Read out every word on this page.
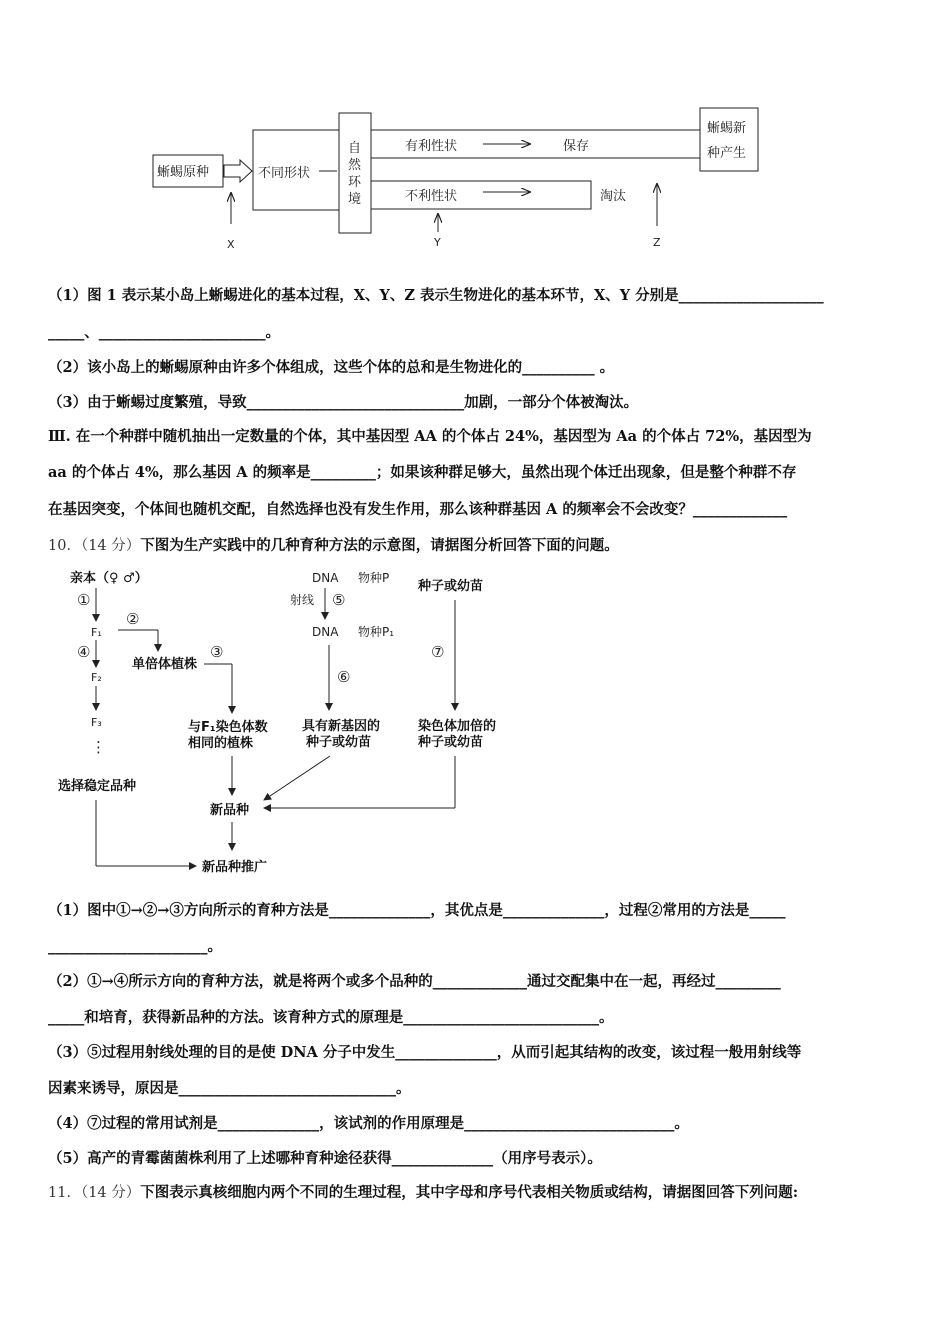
蜥蜴原种	不同形状
自
然
环
境
有利性状	保存
不利性状	淘汰
蜥蜴新
种产生
X	Y	Z
（1）图 1 表示某小岛上蜥蜴进化的基本过程，X、Y、Z 表示生物进化的基本环节，X、Y 分别是____________________
_____、_______________________。
（2）该小岛上的蜥蜴原种由许多个体组成，这些个体的总和是生物进化的__________ 。
（3）由于蜥蜴过度繁殖，导致______________________________加剧，一部分个体被淘汰。
Ⅲ. 在一个种群中随机抽出一定数量的个体，其中基因型 AA 的个体占 24%，基因型为 Aa 的个体占 72%，基因型为
aa 的个体占 4%，那么基因 A 的频率是_________；如果该种群足够大，虽然出现个体迁出现象，但是整个种群不存
在基因突变，个体间也随机交配，自然选择也没有发生作用，那么该种群基因 A 的频率会不会改变？_____________
10．（14 分）下图为生产实践中的几种育种方法的示意图，请据图分析回答下面的问题。
亲本（♀ ♂）
①
F₁
②
④
F₂
F₃
⋮
选择稳定品种
单倍体植株
③
与F₁染色体数
相同的植株
新品种
新品种推广
DNA 物种P
射线 ⑤
DNA 物种P₁
⑥
具有新基因的
种子或幼苗
种子或幼苗
⑦
染色体加倍的
种子或幼苗
（1）图中①→②→③方向所示的育种方法是______________，其优点是______________，过程②常用的方法是_____
______________________。
（2）①→④所示方向的育种方法，就是将两个或多个品种的_____________通过交配集中在一起，再经过_________
_____和培育，获得新品种的方法。该育种方式的原理是___________________________。
（3）⑤过程用射线处理的目的是使 DNA 分子中发生______________，从而引起其结构的改变，该过程一般用射线等
因素来诱导，原因是______________________________。
（4）⑦过程的常用试剂是______________，该试剂的作用原理是_____________________________。
（5）高产的青霉菌菌株利用了上述哪种育种途径获得______________（用序号表示）。
11．（14 分）下图表示真核细胞内两个不同的生理过程，其中字母和序号代表相关物质或结构，请据图回答下列问题:
